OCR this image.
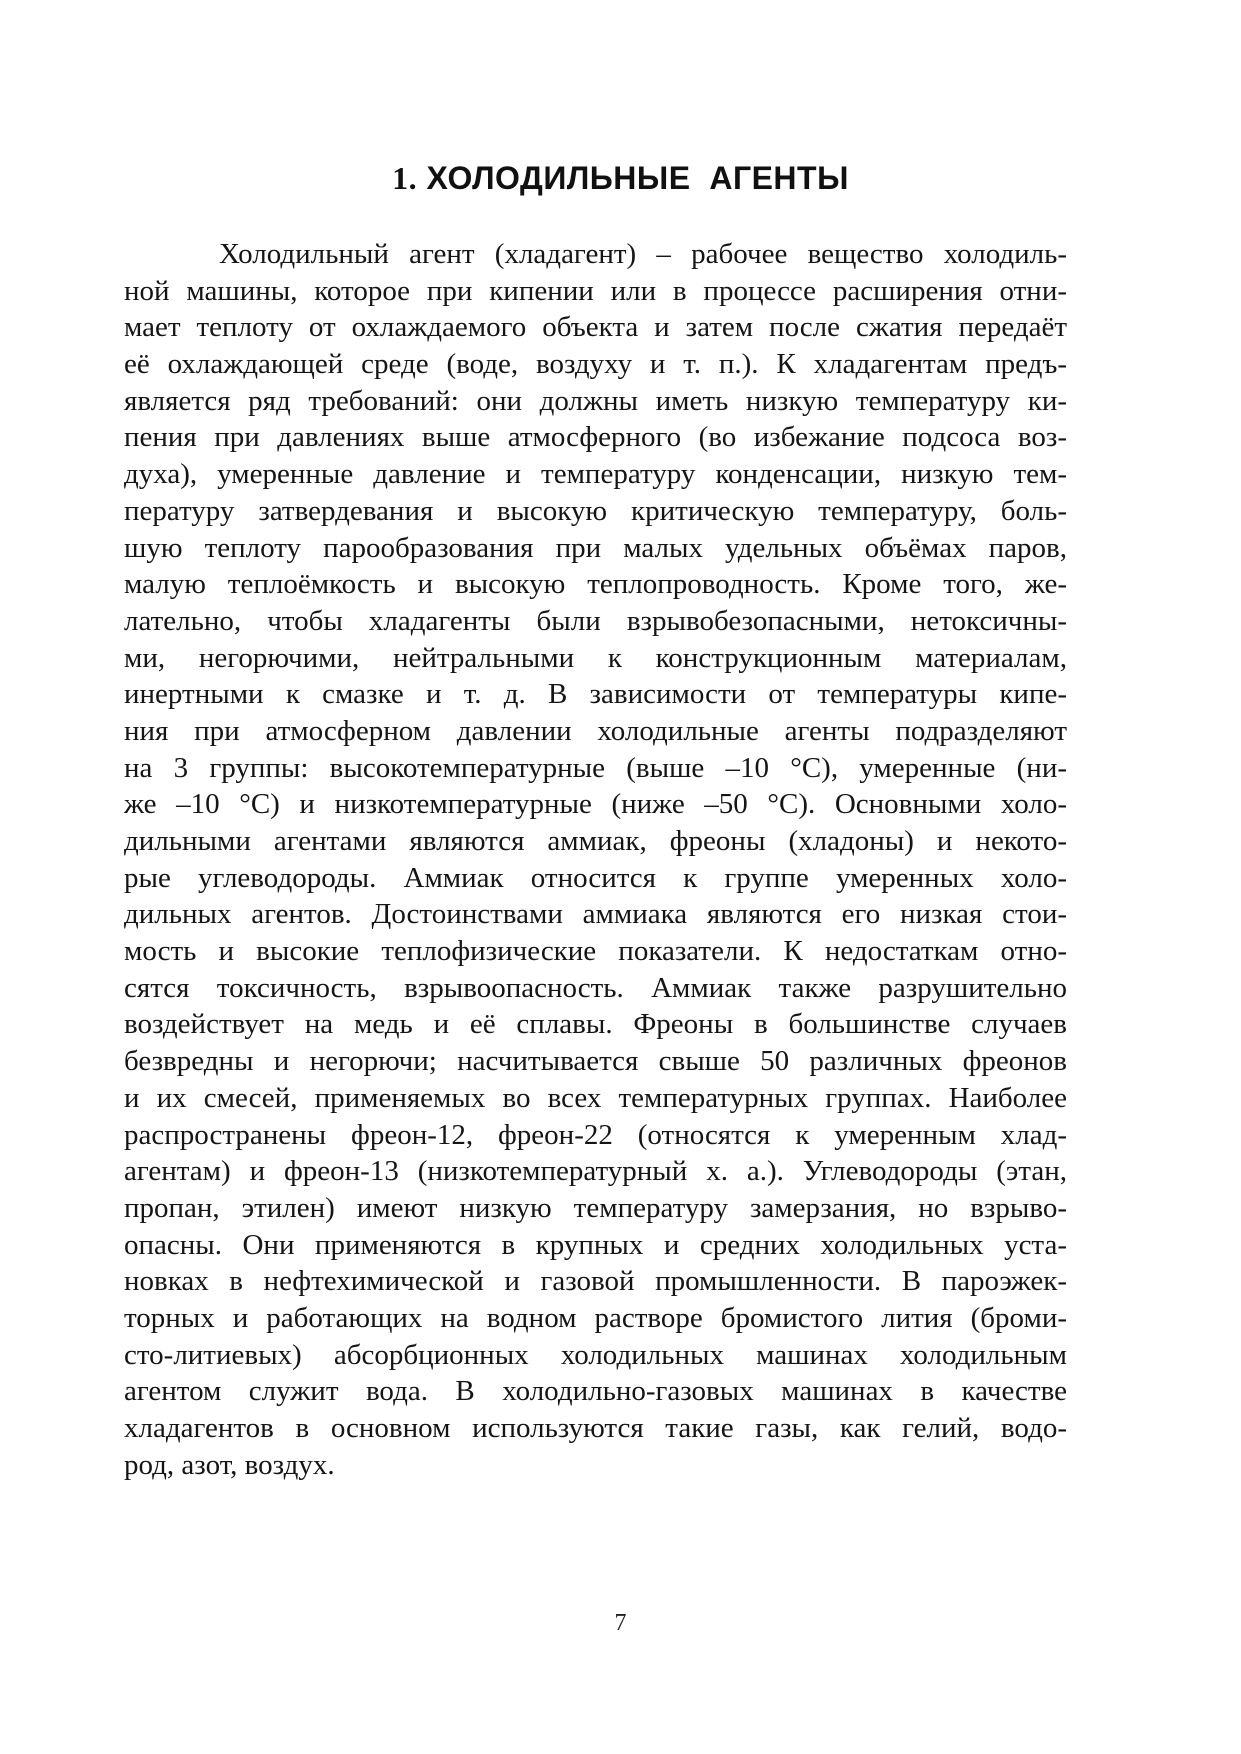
1. ХОЛОДИЛЬНЫЕ  АГЕНТЫ
Холодильный агент (хладагент) – рабочее вещество холодиль-
ной машины, которое при кипении или в процессе расширения отни-
мает теплоту от охлаждаемого объекта и затем после сжатия передаёт
её охлаждающей среде (воде, воздуху и т. п.). К хладагентам предъ-
является ряд требований: они должны иметь низкую температуру ки-
пения при давлениях выше атмосферного (во избежание подсоса воз-
духа), умеренные давление и температуру конденсации, низкую тем-
пературу затвердевания и высокую критическую температуру, боль-
шую теплоту парообразования при малых удельных объёмах паров,
малую теплоёмкость и высокую теплопроводность. Кроме того, же-
лательно, чтобы хладагенты были взрывобезопасными, нетоксичны-
ми, негорючими, нейтральными к конструкционным материалам,
инертными к смазке и т. д. В зависимости от температуры кипе-
ния при атмосферном давлении холодильные агенты подразделяют
на 3 группы: высокотемпературные (выше –10 °С), умеренные (ни-
же –10 °С) и низкотемпературные (ниже –50 °С). Основными холо-
дильными агентами являются аммиак, фреоны (хладоны) и некото-
рые углеводороды. Аммиак относится к группе умеренных холо-
дильных агентов. Достоинствами аммиака являются его низкая стои-
мость и высокие теплофизические показатели. К недостаткам отно-
сятся токсичность, взрывоопасность. Аммиак также разрушительно
воздействует на медь и её сплавы. Фреоны в большинстве случаев
безвредны и негорючи; насчитывается свыше 50 различных фреонов
и их смесей, применяемых во всех температурных группах. Наиболее
распространены фреон-12, фреон-22 (относятся к умеренным хлад-
агентам) и фреон-13 (низкотемпературный х. а.). Углеводороды (этан,
пропан, этилен) имеют низкую температуру замерзания, но взрыво-
опасны. Они применяются в крупных и средних холодильных уста-
новках в нефтехимической и газовой промышленности. В пароэжек-
торных и работающих на водном растворе бромистого лития (броми-
сто-литиевых) абсорбционных холодильных машинах холодильным
агентом служит вода. В холодильно-газовых машинах в качестве
хладагентов в основном используются такие газы, как гелий, водо-
род, азот, воздух.
7
